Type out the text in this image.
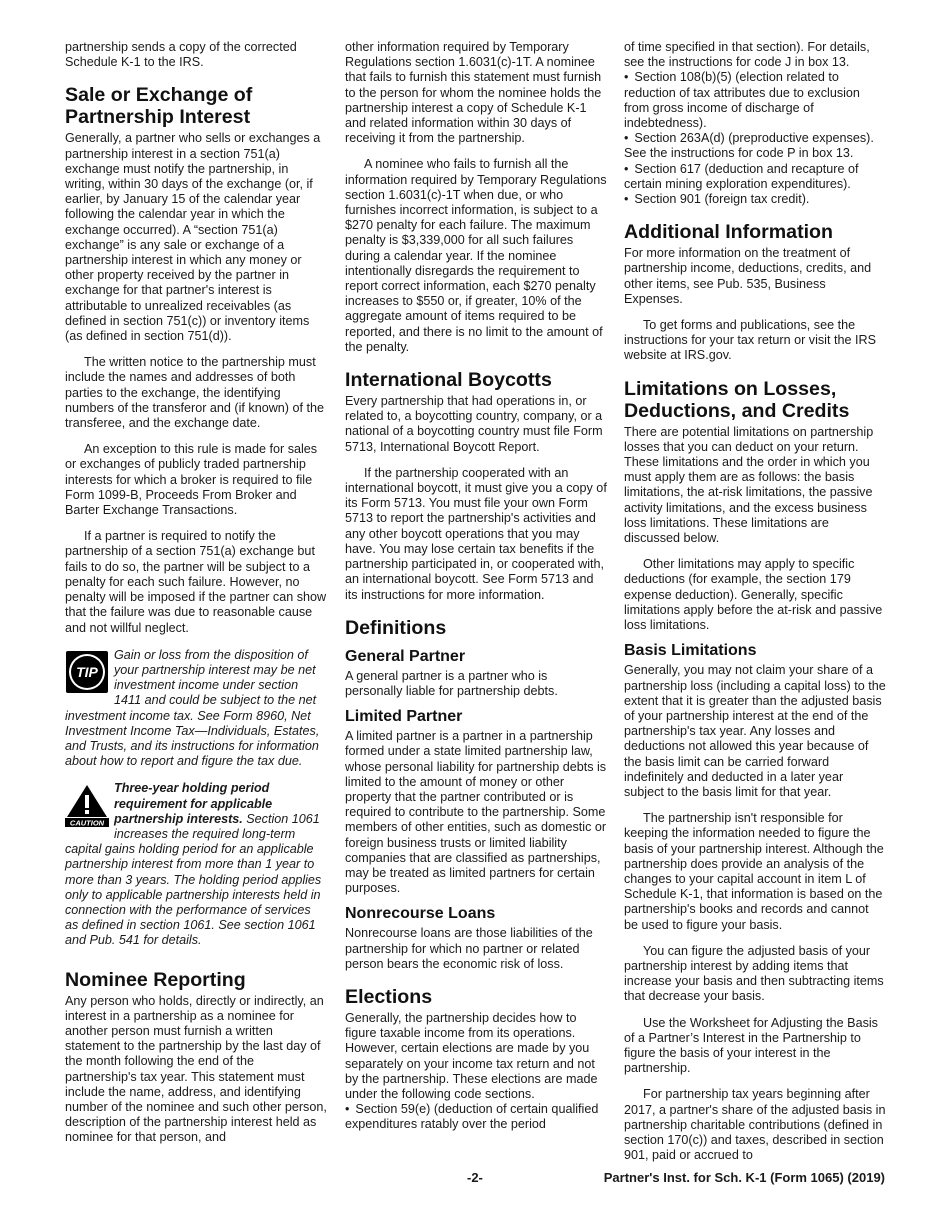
partnership sends a copy of the corrected Schedule K-1 to the IRS.

Sale or Exchange of Partnership Interest

Generally, a partner who sells or exchanges a partnership interest in a section 751(a) exchange must notify the partnership, in writing, within 30 days of the exchange (or, if earlier, by January 15 of the calendar year following the calendar year in which the exchange occurred). A “section 751(a) exchange” is any sale or exchange of a partnership interest in which any money or other property received by the partner in exchange for that partner's interest is attributable to unrealized receivables (as defined in section 751(c)) or inventory items (as defined in section 751(d)).

The written notice to the partnership must include the names and addresses of both parties to the exchange, the identifying numbers of the transferor and (if known) of the transferee, and the exchange date.

An exception to this rule is made for sales or exchanges of publicly traded partnership interests for which a broker is required to file Form 1099-B, Proceeds From Broker and Barter Exchange Transactions.

If a partner is required to notify the partnership of a section 751(a) exchange but fails to do so, the partner will be subject to a penalty for each such failure. However, no penalty will be imposed if the partner can show that the failure was due to reasonable cause and not willful neglect.

TIP
Gain or loss from the disposition of your partnership interest may be net investment income under section 1411 and could be subject to the net investment income tax. See Form 8960, Net Investment Income Tax—Individuals, Estates, and Trusts, and its instructions for information about how to report and figure the tax due.
CAUTION
Three-year holding period requirement for applicable partnership interests. Section 1061 increases the required long-term capital gains holding period for an applicable partnership interest from more than 1 year to more than 3 years. The holding period applies only to applicable partnership interests held in connection with the performance of services as defined in section 1061. See section 1061 and Pub. 541 for details.
Nominee Reporting

Any person who holds, directly or indirectly, an interest in a partnership as a nominee for another person must furnish a written statement to the partnership by the last day of the month following the end of the partnership's tax year. This statement must include the name, address, and identifying number of the nominee and such other person, description of the partnership interest held as nominee for that person, and

other information required by Temporary Regulations section 1.6031(c)-1T. A nominee that fails to furnish this statement must furnish to the person for whom the nominee holds the partnership interest a copy of Schedule K-1 and related information within 30 days of receiving it from the partnership.

A nominee who fails to furnish all the information required by Temporary Regulations section 1.6031(c)-1T when due, or who furnishes incorrect information, is subject to a $270 penalty for each failure. The maximum penalty is $3,339,000 for all such failures during a calendar year. If the nominee intentionally disregards the requirement to report correct information, each $270 penalty increases to $550 or, if greater, 10% of the aggregate amount of items required to be reported, and there is no limit to the amount of the penalty.

International Boycotts

Every partnership that had operations in, or related to, a boycotting country, company, or a national of a boycotting country must file Form 5713, International Boycott Report.

If the partnership cooperated with an international boycott, it must give you a copy of its Form 5713. You must file your own Form 5713 to report the partnership's activities and any other boycott operations that you may have. You may lose certain tax benefits if the partnership participated in, or cooperated with, an international boycott. See Form 5713 and its instructions for more information.

Definitions
General Partner

A general partner is a partner who is personally liable for partnership debts.

Limited Partner

A limited partner is a partner in a partnership formed under a state limited partnership law, whose personal liability for partnership debts is limited to the amount of money or other property that the partner contributed or is required to contribute to the partnership. Some members of other entities, such as domestic or foreign business trusts or limited liability companies that are classified as partnerships, may be treated as limited partners for certain purposes.

Nonrecourse Loans

Nonrecourse loans are those liabilities of the partnership for which no partner or related person bears the economic risk of loss.

Elections

Generally, the partnership decides how to figure taxable income from its operations. However, certain elections are made by you separately on your income tax return and not by the partnership. These elections are made under the following code sections.

• Section 59(e) (deduction of certain qualified expenditures ratably over the period

of time specified in that section). For details, see the instructions for code J in box 13.

• Section 108(b)(5) (election related to reduction of tax attributes due to exclusion from gross income of discharge of indebtedness).

• Section 263A(d) (preproductive expenses). See the instructions for code P in box 13.

• Section 617 (deduction and recapture of certain mining exploration expenditures).

• Section 901 (foreign tax credit).

Additional Information

For more information on the treatment of partnership income, deductions, credits, and other items, see Pub. 535, Business Expenses.

To get forms and publications, see the instructions for your tax return or visit the IRS website at IRS.gov.

Limitations on Losses, Deductions, and Credits

There are potential limitations on partnership losses that you can deduct on your return. These limitations and the order in which you must apply them are as follows: the basis limitations, the at-risk limitations, the passive activity limitations, and the excess business loss limitations. These limitations are discussed below.

Other limitations may apply to specific deductions (for example, the section 179 expense deduction). Generally, specific limitations apply before the at-risk and passive loss limitations.

Basis Limitations

Generally, you may not claim your share of a partnership loss (including a capital loss) to the extent that it is greater than the adjusted basis of your partnership interest at the end of the partnership's tax year. Any losses and deductions not allowed this year because of the basis limit can be carried forward indefinitely and deducted in a later year subject to the basis limit for that year.

The partnership isn't responsible for keeping the information needed to figure the basis of your partnership interest. Although the partnership does provide an analysis of the changes to your capital account in item L of Schedule K-1, that information is based on the partnership's books and records and cannot be used to figure your basis.

You can figure the adjusted basis of your partnership interest by adding items that increase your basis and then subtracting items that decrease your basis.

Use the Worksheet for Adjusting the Basis of a Partner’s Interest in the Partnership to figure the basis of your interest in the partnership.

For partnership tax years beginning after 2017, a partner's share of the adjusted basis in partnership charitable contributions (defined in section 170(c)) and taxes, described in section 901, paid or accrued to

-2-	Partner's Inst. for Sch. K-1 (Form 1065) (2019)
